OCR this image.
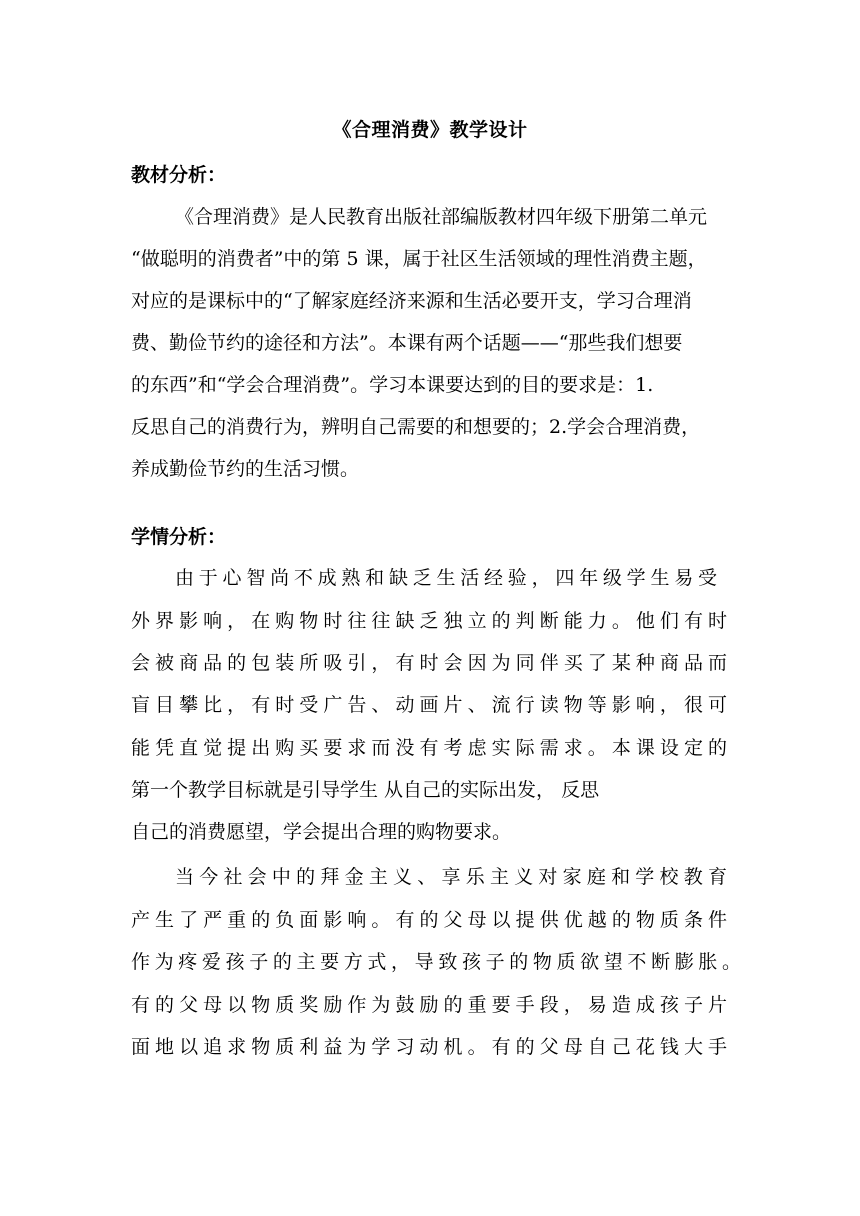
《合理消费》教学设计
教材分析：
《合理消费》是人民教育出版社部编版教材四年级下册第二单元
“做聪明的消费者”中的第 5 课，属于社区生活领域的理性消费主题，
对应的是课标中的“了解家庭经济来源和生活必要开支，学习合理消
费、勤俭节约的途径和方法”。本课有两个话题——“那些我们想要
的东西”和“学会合理消费”。学习本课要达到的目的要求是：1.
反思自己的消费行为，辨明自己需要的和想要的；2.学会合理消费，
养成勤俭节约的生活习惯。
学情分析：
由于心智尚不成熟和缺乏生活经验，四年级学生易受
外界影响，在购物时往往缺乏独立的判断能力。他们有时
会被商品的包装所吸引，有时会因为同伴买了某种商品而
盲目攀比，有时受广告、动画片、流行读物等影响，很可
能凭直觉提出购买要求而没有考虑实际需求。本课设定的
第一个教学目标就是引导学生 从自己的实际出发， 反思
自己的消费愿望，学会提出合理的购物要求。
当今社会中的拜金主义、享乐主义对家庭和学校教育
产生了严重的负面影响。有的父母以提供优越的物质条件
作为疼爱孩子的主要方式，导致孩子的物质欲望不断膨胀。
有的父母以物质奖励作为鼓励的重要手段，易造成孩子片
面地以追求物质利益为学习动机。有的父母自己花钱大手
